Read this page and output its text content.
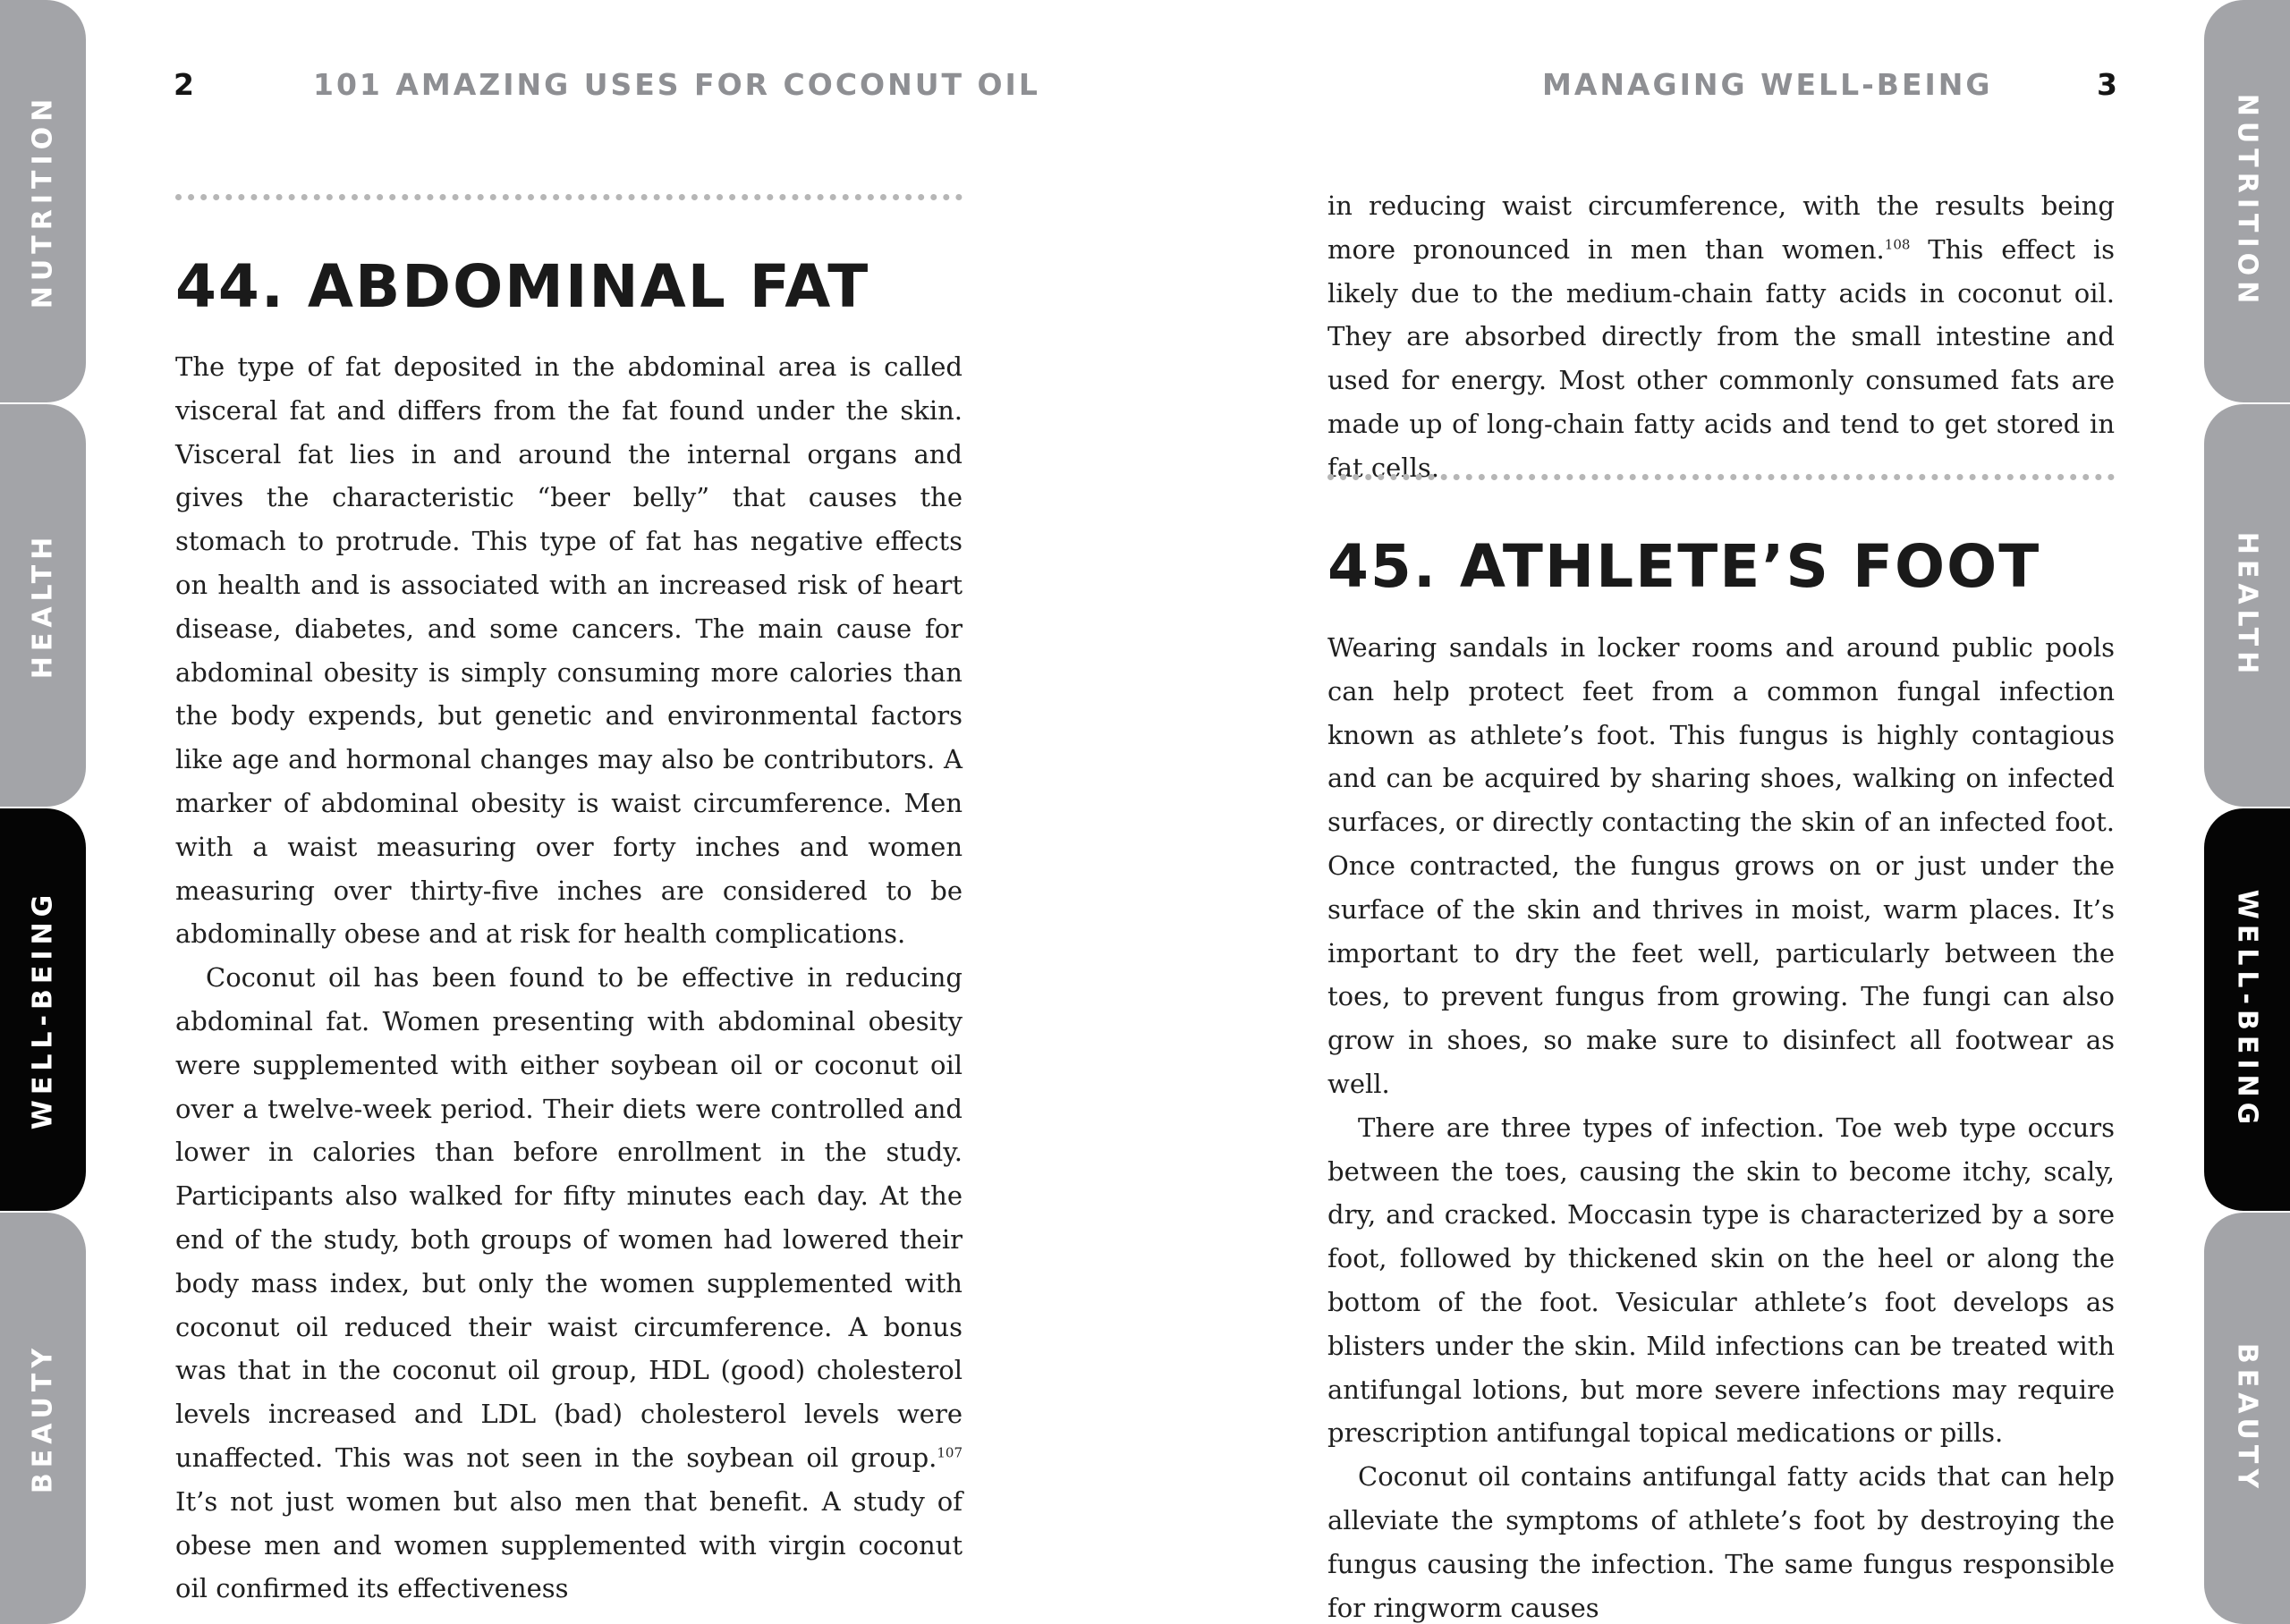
NUTRITION
HEALTH
WELL-BEING
BEAUTY
NUTRITION
HEALTH
WELL-BEING
BEAUTY
2	101 AMAZING USES FOR COCONUT OIL
44. ABDOMINAL FAT

The type of fat deposited in the abdominal area is called visceral fat and differs from the fat found under the skin. Visceral fat lies in and around the internal organs and gives the characteristic “beer belly” that causes the stomach to protrude. This type of fat has negative effects on health and is associated with an increased risk of heart disease, diabetes, and some cancers. The main cause for abdominal obesity is simply consuming more calories than the body expends, but genetic and environmental factors like age and hormonal changes may also be contributors. A marker of abdominal obesity is waist circumference. Men with a waist measuring over forty inches and women measuring over thirty-five inches are considered to be abdominally obese and at risk for health complications.

Coconut oil has been found to be effective in reducing abdominal fat. Women presenting with abdominal obesity were supplemented with either soybean oil or coconut oil over a twelve-week period. Their diets were controlled and lower in calories than before enrollment in the study. Participants also walked for fifty minutes each day. At the end of the study, both groups of women had lowered their body mass index, but only the women supplemented with coconut oil reduced their waist circumference. A bonus was that in the coconut oil group, HDL (good) cholesterol levels increased and LDL (bad) cholesterol levels were unaffected. This was not seen in the soybean oil group.$^{107}$ It’s not just women but also men that benefit. A study of obese men and women supplemented with virgin coconut oil confirmed its effectiveness

MANAGING WELL-BEING	3

in reducing waist circumference, with the results being more pronounced in men than women.$^{108}$ This effect is likely due to the medium-chain fatty acids in coconut oil. They are absorbed directly from the small intestine and used for energy. Most other commonly consumed fats are made up of long-chain fatty acids and tend to get stored in fat cells.

45. ATHLETE’S FOOT

Wearing sandals in locker rooms and around public pools can help protect feet from a common fungal infection known as athlete’s foot. This fungus is highly contagious and can be acquired by sharing shoes, walking on infected surfaces, or directly contacting the skin of an infected foot. Once contracted, the fungus grows on or just under the surface of the skin and thrives in moist, warm places. It’s important to dry the feet well, particularly between the toes, to prevent fungus from growing. The fungi can also grow in shoes, so make sure to disinfect all footwear as well.

There are three types of infection. Toe web type occurs between the toes, causing the skin to become itchy, scaly, dry, and cracked. Moccasin type is characterized by a sore foot, followed by thickened skin on the heel or along the bottom of the foot. Vesicular athlete’s foot develops as blisters under the skin. Mild infections can be treated with antifungal lotions, but more severe infections may require prescription antifungal topical medications or pills.

Coconut oil contains antifungal fatty acids that can help alleviate the symptoms of athlete’s foot by destroying the fungus causing the infection. The same fungus responsible for ringworm causes
